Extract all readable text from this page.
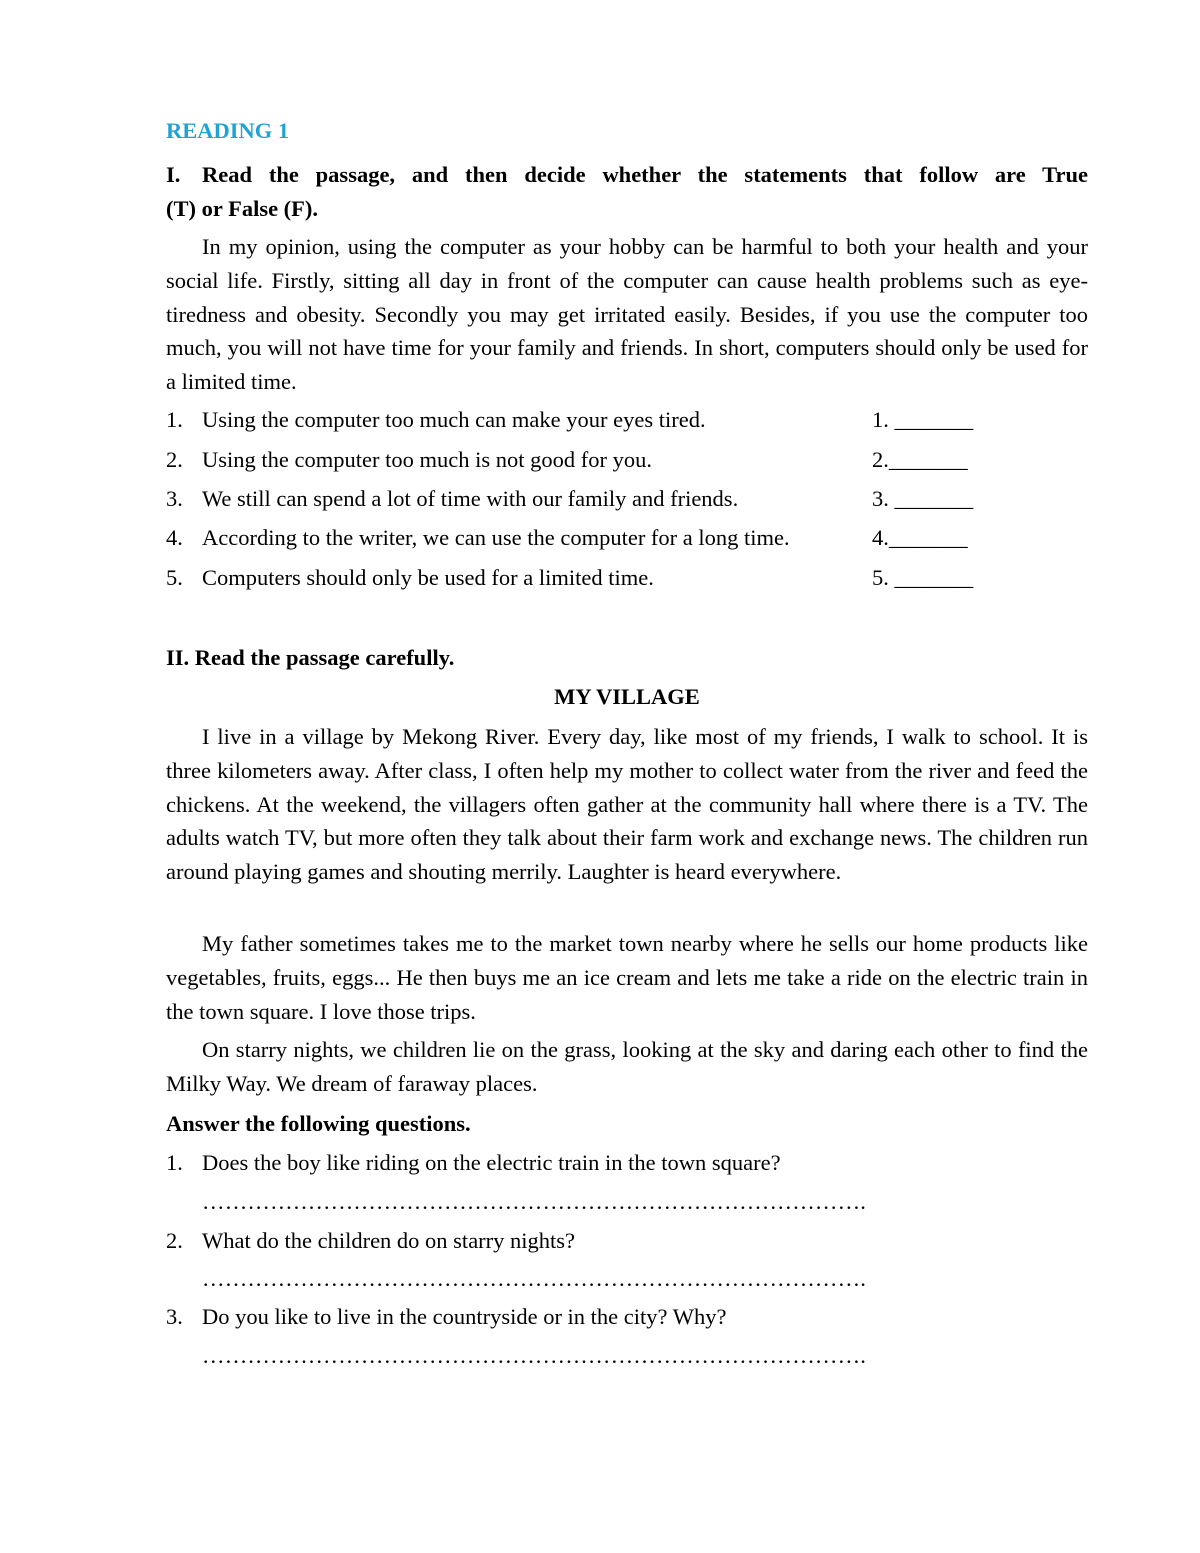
READING 1
I. Read the passage, and then decide whether the statements that follow are True
(T) or False (F).
In my opinion, using the computer as your hobby can be harmful to both your health and your social life. Firstly, sitting all day in front of the computer can cause health problems such as eye-tiredness and obesity. Secondly you may get irritated easily. Besides, if you use the computer too much, you will not have time for your family and friends. In short, computers should only be used for a limited time.
1. Using the computer too much can make your eyes tired.	1. _______
2. Using the computer too much is not good for you.	2._______
3. We still can spend a lot of time with our family and friends.	3. _______
4. According to the writer, we can use the computer for a long time.	4._______
5. Computers should only be used for a limited time.	5. _______
II. Read the passage carefully.
MY VILLAGE
I live in a village by Mekong River. Every day, like most of my friends, I walk to school. It is three kilometers away. After class, I often help my mother to collect water from the river and feed the chickens. At the weekend, the villagers often gather at the community hall where there is a TV. The adults watch TV, but more often they talk about their farm work and exchange news. The children run around playing games and shouting merrily. Laughter is heard everywhere.
My father sometimes takes me to the market town nearby where he sells our home products like vegetables, fruits, eggs... He then buys me an ice cream and lets me take a ride on the electric train in the town square. I love those trips.
On starry nights, we children lie on the grass, looking at the sky and daring each other to find the Milky Way. We dream of faraway places.
Answer the following questions.
1. Does the boy like riding on the electric train in the town square?
…………………………………………………………………………….
2. What do the children do on starry nights?
…………………………………………………………………………….
3. Do you like to live in the countryside or in the city? Why?
…………………………………………………………………………….
